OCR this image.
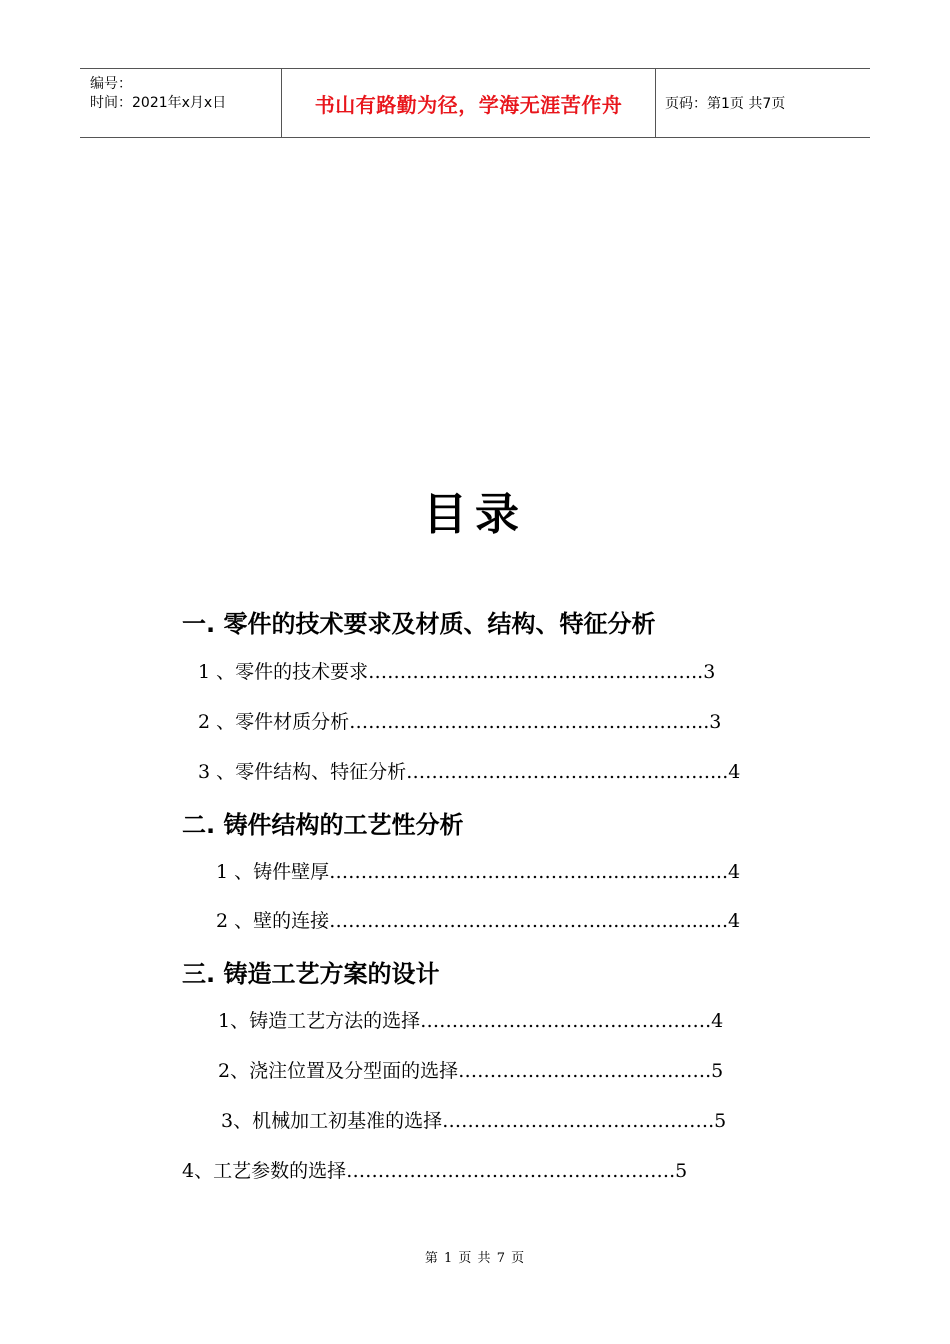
编号：
时间：2021年x月x日	书山有路勤为径，学海无涯苦作舟	页码：第1页 共7页
目录
一. 零件的技术要求及材质、结构、特征分析
1 、零件的技术要求……………………………………………..3
2 、零件材质分析………………………………………………...3
3 、零件结构、特征分析…………………………………………...4
二. 铸件结构的工艺性分析
1 、铸件壁厚……………………………………......................4
2 、壁的连接……………………………………......................4
三. 铸造工艺方案的设计
1、铸造工艺方法的选择……………………………………….4
2、浇注位置及分型面的选择………………………………….5
3、机械加工初基准的选择…………………………………….5
4、工艺参数的选择…………………………………………….5
第 1 页 共 7 页
